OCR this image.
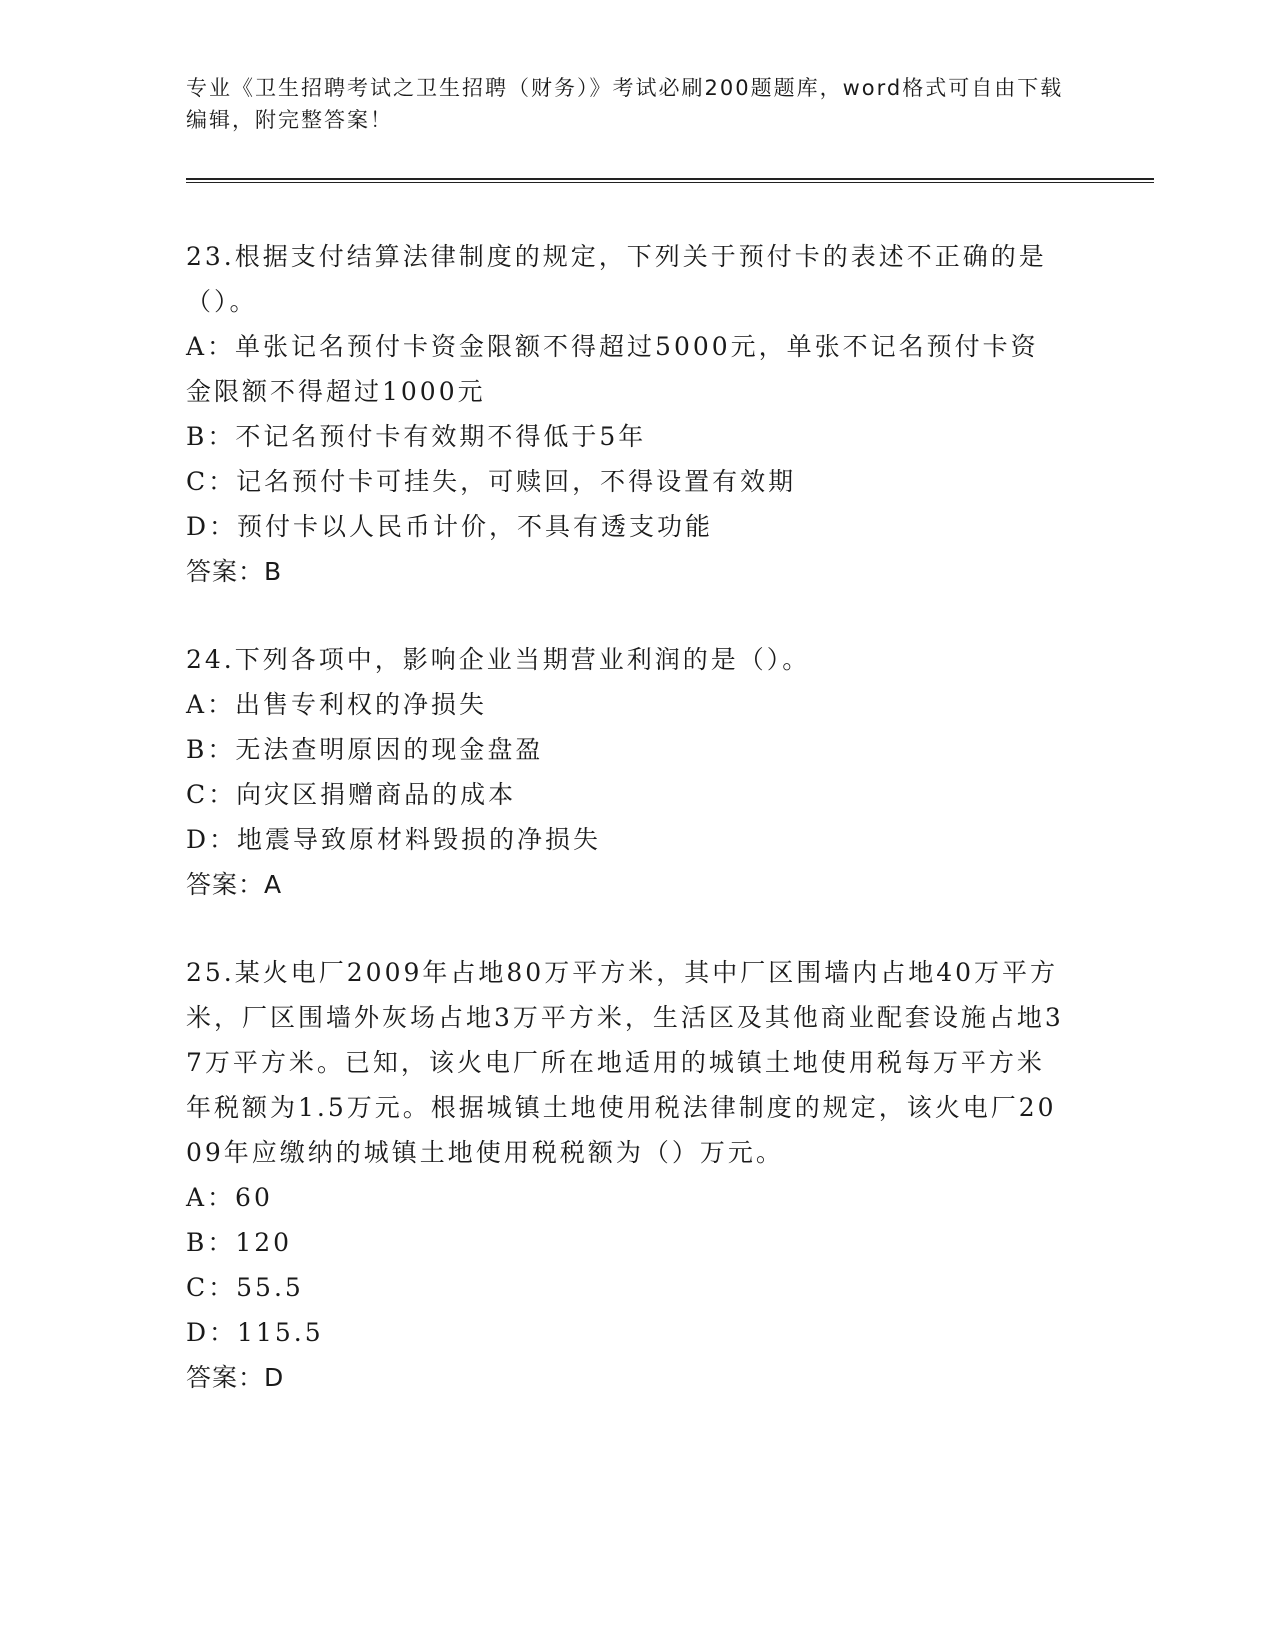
专业《卫生招聘考试之卫生招聘（财务）》考试必刷200题题库，word格式可自由下载编辑，附完整答案！
23.根据支付结算法律制度的规定，下列关于预付卡的表述不正确的是（）。
A：单张记名预付卡资金限额不得超过5000元，单张不记名预付卡资金限额不得超过1000元
B：不记名预付卡有效期不得低于5年
C：记名预付卡可挂失，可赎回，不得设置有效期
D：预付卡以人民币计价，不具有透支功能
答案：B
24.下列各项中，影响企业当期营业利润的是（）。
A：出售专利权的净损失
B：无法查明原因的现金盘盈
C：向灾区捐赠商品的成本
D：地震导致原材料毁损的净损失
答案：A
25.某火电厂2009年占地80万平方米，其中厂区围墙内占地40万平方米，厂区围墙外灰场占地3万平方米，生活区及其他商业配套设施占地37万平方米。已知，该火电厂所在地适用的城镇土地使用税每万平方米年税额为1.5万元。根据城镇土地使用税法律制度的规定，该火电厂2009年应缴纳的城镇土地使用税税额为（）万元。
A：60
B：120
C：55.5
D：115.5
答案：D
